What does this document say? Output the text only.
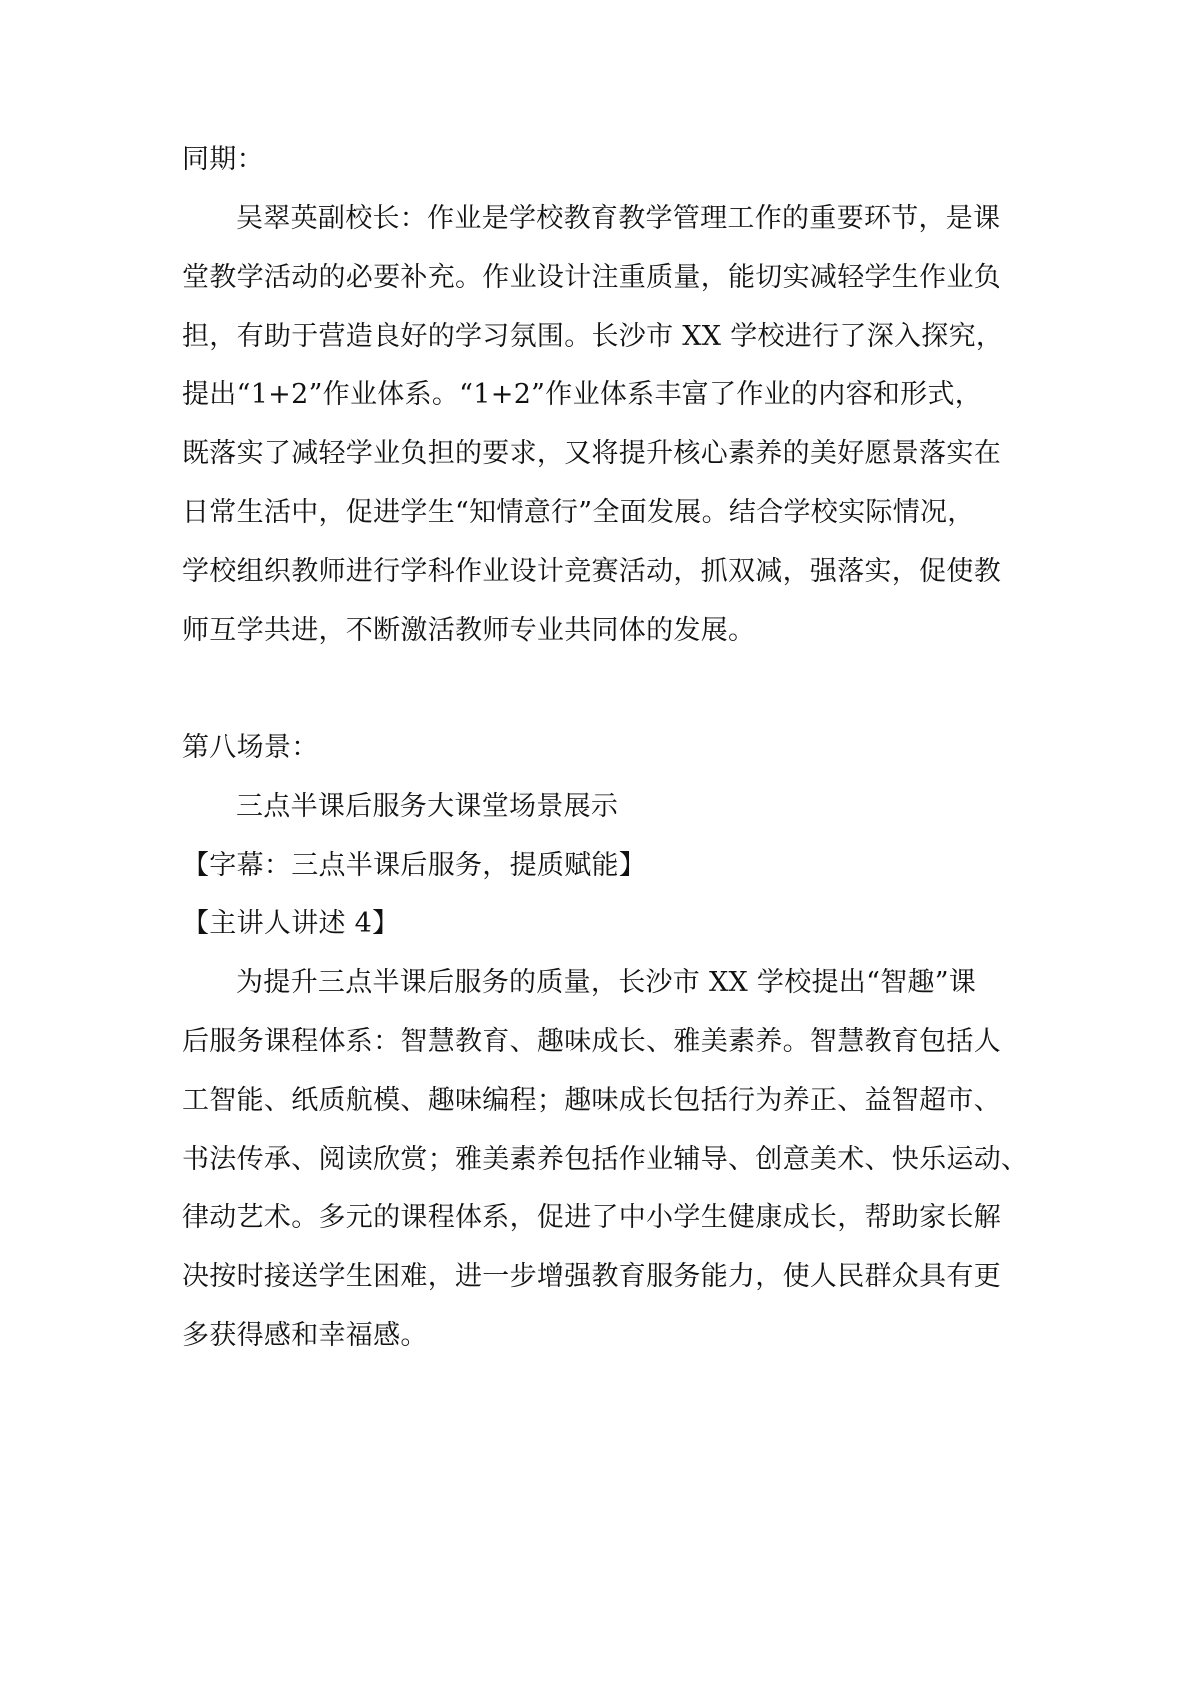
同期：
吴翠英副校长：作业是学校教育教学管理工作的重要环节，是课
堂教学活动的必要补充。作业设计注重质量，能切实减轻学生作业负
担，有助于营造良好的学习氛围。长沙市 XX 学校进行了深入探究，
提出“1+2”作业体系。“1+2”作业体系丰富了作业的内容和形式，
既落实了减轻学业负担的要求，又将提升核心素养的美好愿景落实在
日常生活中，促进学生“知情意行”全面发展。结合学校实际情况，
学校组织教师进行学科作业设计竞赛活动，抓双减，强落实，促使教
师互学共进，不断激活教师专业共同体的发展。
第八场景：
三点半课后服务大课堂场景展示
【字幕：三点半课后服务，提质赋能】
【主讲人讲述 4】
为提升三点半课后服务的质量，长沙市 XX 学校提出“智趣”课
后服务课程体系：智慧教育、趣味成长、雅美素养。智慧教育包括人
工智能、纸质航模、趣味编程；趣味成长包括行为养正、益智超市、
书法传承、阅读欣赏；雅美素养包括作业辅导、创意美术、快乐运动、
律动艺术。多元的课程体系，促进了中小学生健康成长，帮助家长解
决按时接送学生困难，进一步增强教育服务能力，使人民群众具有更
多获得感和幸福感。
